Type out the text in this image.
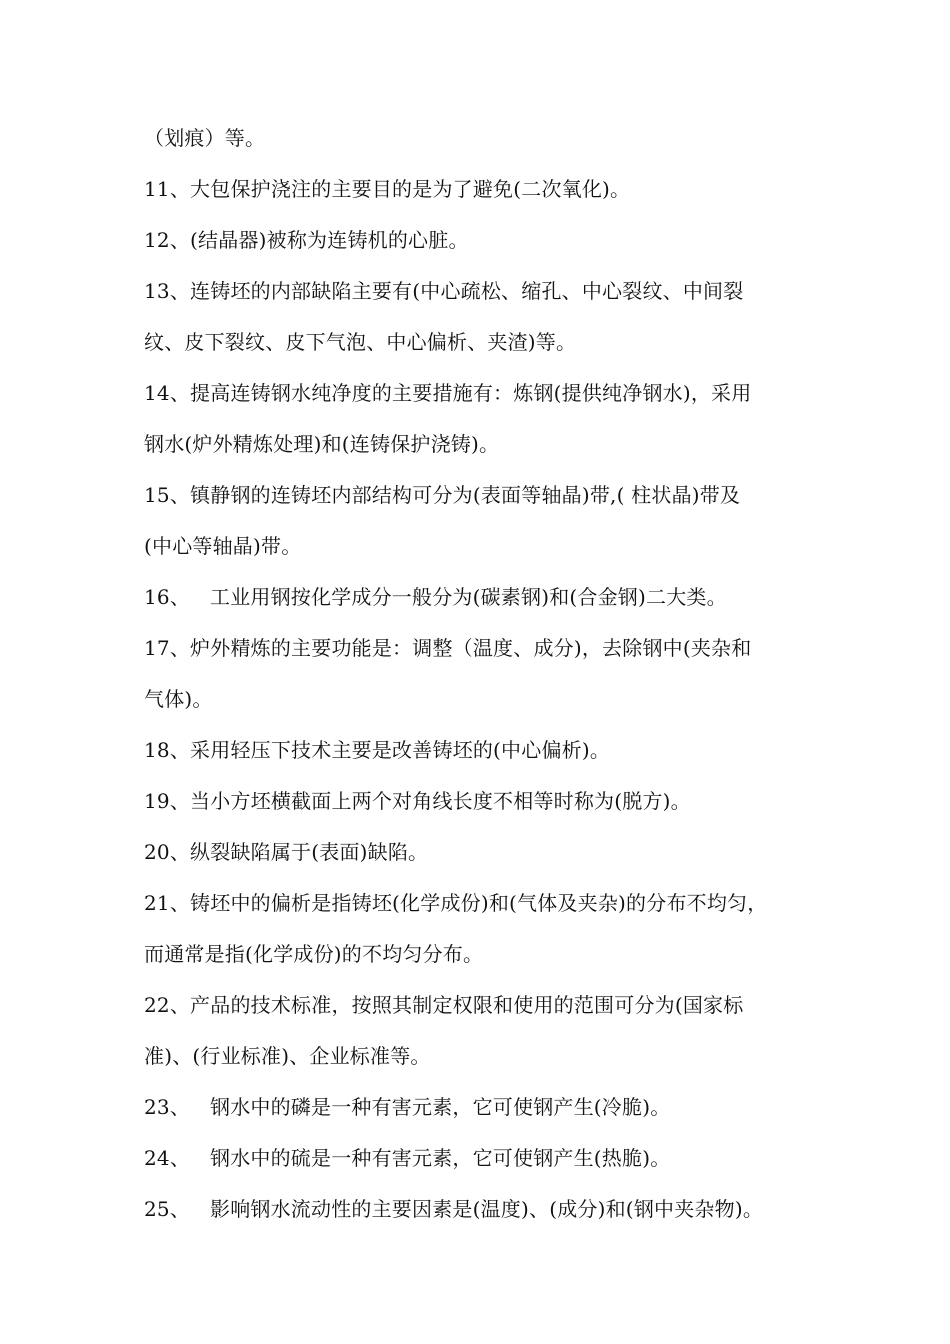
（划痕）等。
11、大包保护浇注的主要目的是为了避免(二次氧化)。
12、(结晶器)被称为连铸机的心脏。
13、连铸坯的内部缺陷主要有(中心疏松、缩孔、中心裂纹、中间裂
纹、皮下裂纹、皮下气泡、中心偏析、夹渣)等。
14、提高连铸钢水纯净度的主要措施有：炼钢(提供纯净钢水)，采用
钢水(炉外精炼处理)和(连铸保护浇铸)。
15、镇静钢的连铸坯内部结构可分为(表面等轴晶)带,( 柱状晶)带及
(中心等轴晶)带。
16、 工业用钢按化学成分一般分为(碳素钢)和(合金钢)二大类。
17、炉外精炼的主要功能是：调整（温度、成分)，去除钢中(夹杂和
气体)。
18、采用轻压下技术主要是改善铸坯的(中心偏析)。
19、当小方坯横截面上两个对角线长度不相等时称为(脱方)。
20、纵裂缺陷属于(表面)缺陷。
21、铸坯中的偏析是指铸坯(化学成份)和(气体及夹杂)的分布不均匀，
而通常是指(化学成份)的不均匀分布。
22、产品的技术标准，按照其制定权限和使用的范围可分为(国家标
准)、(行业标准)、企业标准等。
23、 钢水中的磷是一种有害元素，它可使钢产生(冷脆)。
24、 钢水中的硫是一种有害元素，它可使钢产生(热脆)。
25、 影响钢水流动性的主要因素是(温度)、(成分)和(钢中夹杂物)。
